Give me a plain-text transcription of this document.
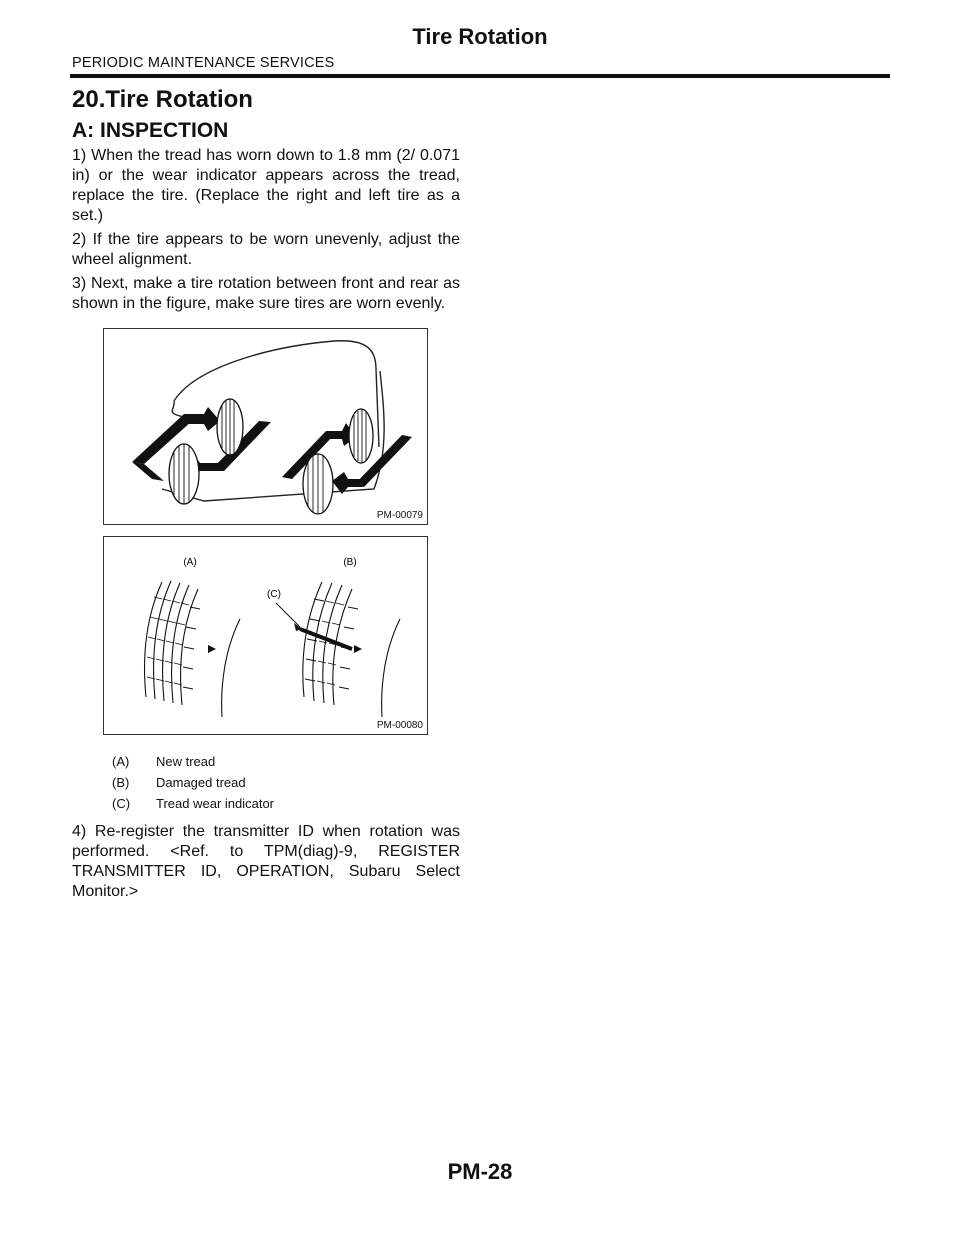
Tire Rotation
PERIODIC MAINTENANCE SERVICES
20.Tire Rotation
A: INSPECTION

1) When the tread has worn down to 1.8 mm (2/ 0.071 in) or the wear indicator appears across the tread, replace the tire. (Replace the right and left tire as a set.)

2) If the tire appears to be worn unevenly, adjust the wheel alignment.

3) Next, make a tire rotation between front and rear as shown in the figure, make sure tires are worn evenly.

PM-00079
(A)	(B)
(C)
PM-00080
(A)	New tread
(B)	Damaged tread
(C)	Tread wear indicator

4) Re-register the transmitter ID when rotation was performed. <Ref. to TPM(diag)-9, REGISTER TRANSMITTER ID, OPERATION, Subaru Select Monitor.>

PM-28
